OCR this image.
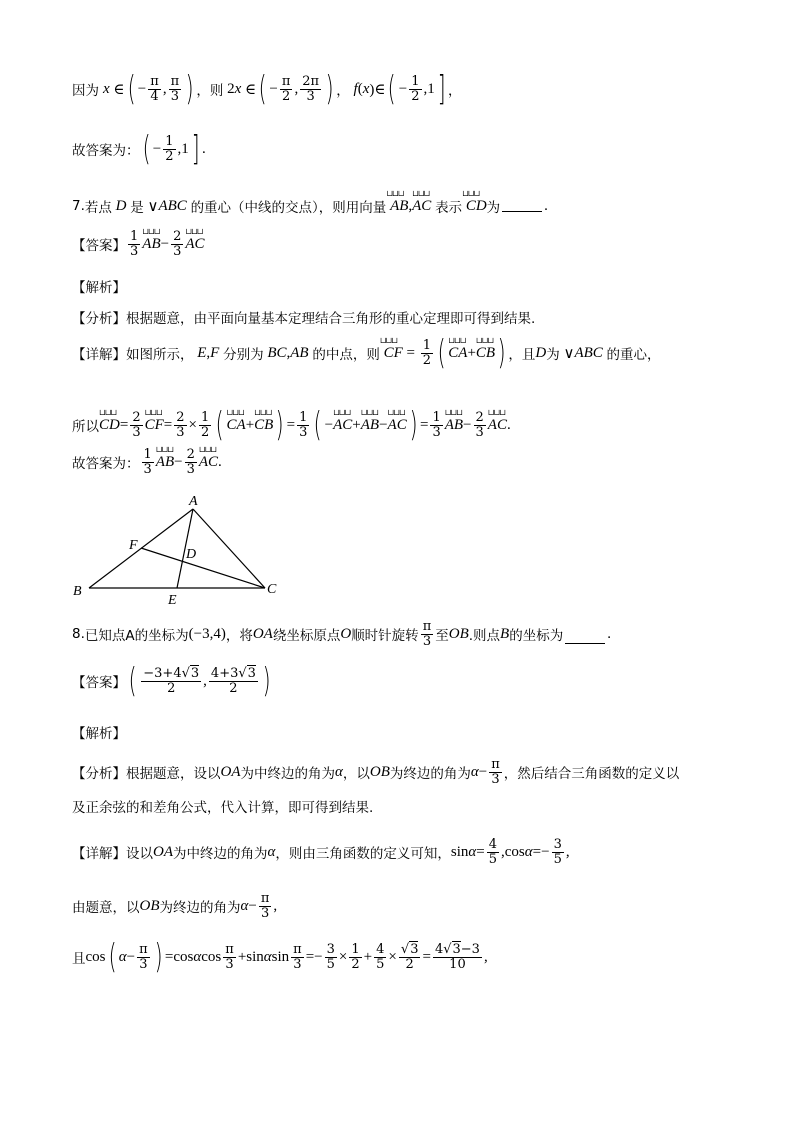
因为 x ∈ ( − $\frac{\pi}{4}$ , $\frac{\pi}{3}$ ) ，则 2 x ∈ ( − $\frac{\pi}{2}$ , $\frac{2\pi}{3}$ ) ， f ( x )∈ ( − $\frac{1}{2} ,1$ ] ，
故答案为： ( − $\frac{1}{2} ,1$ ] .
7. 若点 D 是 ∨ ABC 的重心（中线的交点），则用向量 ⊔⊔⊔  AB , ⊔⊔⊔ AC 表示 ⊔⊔⊔  CD 为	.
【答案】 $\frac{1}{3}$ ⊔⊔⊔ AB − $\frac{2}{3}$ ⊔⊔⊔ AC
【解析】
【分析】 根据题意，由平面向量基本定理结合三角形的重心定理即可得到结果.
【详解】 如图所示， E , F 分别为 BC , AB 的中点，则 ⊔⊔⊔  CF = $\frac{1}{2}$ ( ⊔⊔⊔ CA + ⊔⊔⊔ CB ) ，且 D 为 ∨ ABC 的重心，
所以 ⊔⊔⊔ CD = $\frac{2}{3}$ ⊔⊔⊔ CF = $\frac{2}{3} \times \frac{1}{2}$ ( ⊔⊔⊔ CA + ⊔⊔⊔ CB ) = $\frac{1}{3}$ ( − ⊔⊔⊔ AC + ⊔⊔⊔ AB − ⊔⊔⊔ AC ) = $\frac{1}{3}$ ⊔⊔⊔ AB − $\frac{2}{3}$ ⊔⊔⊔ AC .
故答案为： $\frac{1}{3}$ ⊔⊔⊔ AB − $\frac{2}{3}$ ⊔⊔⊔ AC .
A
B	C
D
E
F
8. 已知点A的坐标为 (−3,4) ，将 OA 绕坐标原点 O 顺时针旋转 $\frac{\pi}{3}$ 至 OB .则点 B 的坐标为	.
【答案】 ( $\frac{-3+4√3}{2}$ , $\frac{4+3√3}{2}$ )
【解析】
【分析】 根据题意，设以 OA 为中终边的角为 α ，以 OB 为终边的角为 $\alpha - \frac{\pi}{3}$ ，然后结合三角函数的定义以
及正余弦的和差角公式，代入计算，即可得到结果.
【详解】 设以 OA 为中终边的角为 α ，则由三角函数的定义可知， $\sin \alpha = \frac{4}{5} ,\cos$ $\alpha =- \frac{3}{5}$ ,
由题意，以 OB 为终边的角为 $\alpha - \frac{\pi}{3}$ ,
且 cos ( $\alpha - \frac{\pi}{3}$ ) =cos α $\cos \frac{\pi}{3} +\sin$ α $\sin \frac{\pi}{3} =- \frac{3}{5} \times \frac{1}{2} + \frac{4}{5} \times \frac{√3}{2} = \frac{4√3-3}{10}$ ,
